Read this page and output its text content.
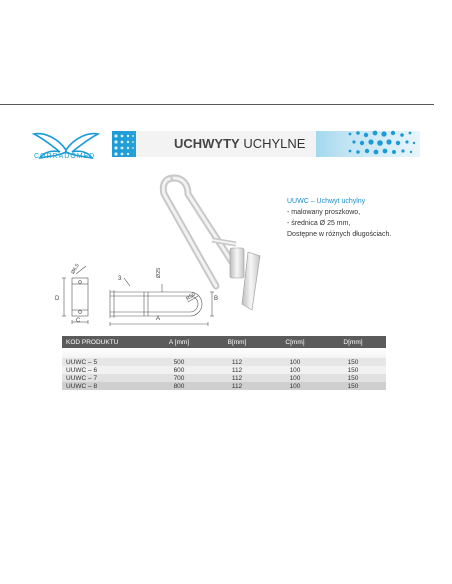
CORRADOMED
UCHWYTY UCHYLNE
D
C
Ø6,5
3
Ø25
R50	B
A
UUWC – Uchwyt uchylny
- malowany proszkowo,
- średnica Ø 25 mm,
Dostępne w różnych długościach.
KOD PRODUKTU	A [mm]	B[mm]	C[mm]	D[mm]
UUWC – 5	500	112	100	150
UUWC – 6	600	112	100	150
UUWC – 7	700	112	100	150
UUWC – 8	800	112	100	150
